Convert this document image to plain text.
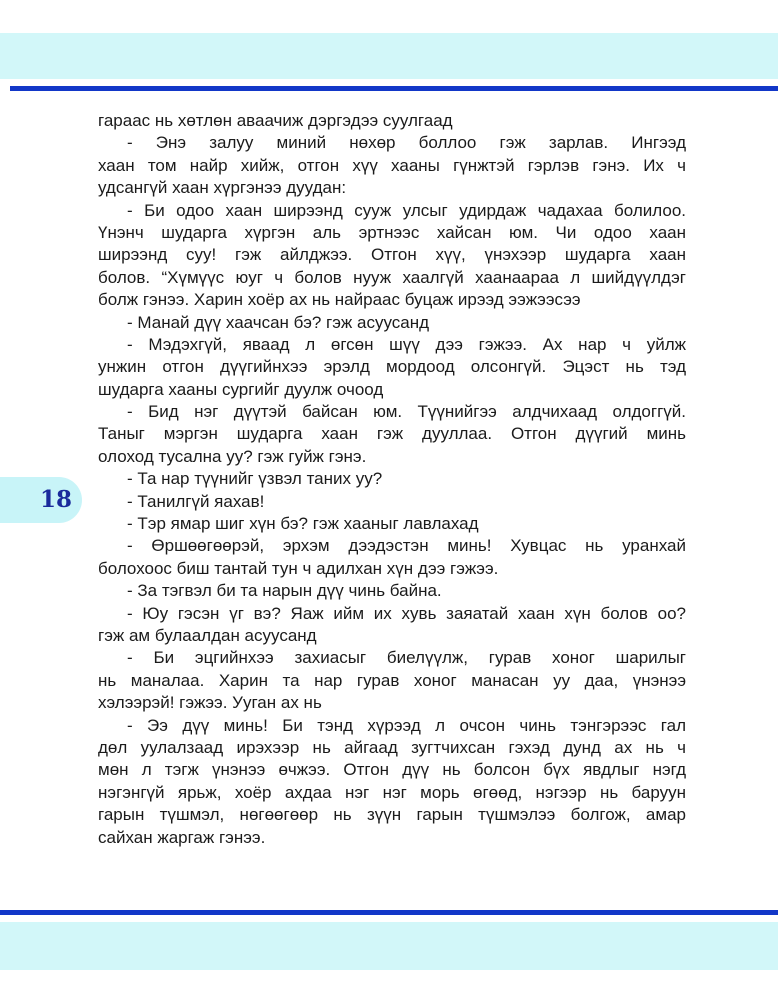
18
гараас нь хөтлөн аваачиж дэргэдээ суулгаад
- Энэ залуу миний нөхөр боллоо гэж зарлав. Ингээд
хаан том найр хийж, отгон хүү хааны гүнжтэй гэрлэв гэнэ. Их ч
удсангүй хаан хүргэнээ дуудан:
- Би одоо хаан ширээнд сууж улсыг удирдаж чадахаа болилоо.
Үнэнч шударга хүргэн аль эртнээс хайсан юм. Чи одоо хаан
ширээнд суу! гэж айлджээ. Отгон хүү, үнэхээр шударга хаан
болов. “Хүмүүс юуг ч болов нууж хаалгүй хаанаараа л шийдүүлдэг
болж гэнээ. Харин хоёр ах нь найраас буцаж ирээд ээжээсээ
- Манай дүү хаачсан бэ? гэж асуусанд
- Мэдэхгүй, яваад л өгсөн шүү дээ гэжээ. Ах нар ч уйлж
унжин отгон дүүгийнхээ эрэлд мордоод олсонгүй. Эцэст нь тэд
шударга хааны сургийг дуулж очоод
- Бид нэг дүүтэй байсан юм. Түүнийгээ алдчихаад олдоггүй.
Таныг мэргэн шударга хаан гэж дууллаа. Отгон дүүгий минь
олоход тусална уу? гэж гуйж гэнэ.
- Та нар түүнийг үзвэл таних уу?
- Танилгүй яахав!
- Тэр ямар шиг хүн бэ? гэж хааныг лавлахад
- Өршөөгөөрэй, эрхэм дээдэстэн минь! Хувцас нь уранхай
болохоос биш тантай тун ч адилхан хүн дээ гэжээ.
- За тэгвэл би та нарын дүү чинь байна.
- Юу гэсэн үг вэ? Яаж ийм их хувь заяатай хаан хүн болов оо?
гэж ам булаалдан асуусанд
- Би эцгийнхээ захиасыг биелүүлж, гурав хоног шарилыг
нь маналаа. Харин та нар гурав хоног манасан уу даа, үнэнээ
хэлээрэй! гэжээ. Ууган ах нь
- Ээ дүү минь! Би тэнд хүрээд л очсон чинь тэнгэрээс гал
дөл уулалзаад ирэхээр нь айгаад зугтчихсан гэхэд дунд ах нь ч
мөн л тэгж үнэнээ өчжээ. Отгон дүү нь болсон бүх явдлыг нэгд
нэгэнгүй ярьж, хоёр ахдаа нэг нэг морь өгөөд, нэгээр нь баруун
гарын түшмэл, нөгөөгөөр нь зүүн гарын түшмэлээ болгож, амар
сайхан жаргаж гэнээ.
